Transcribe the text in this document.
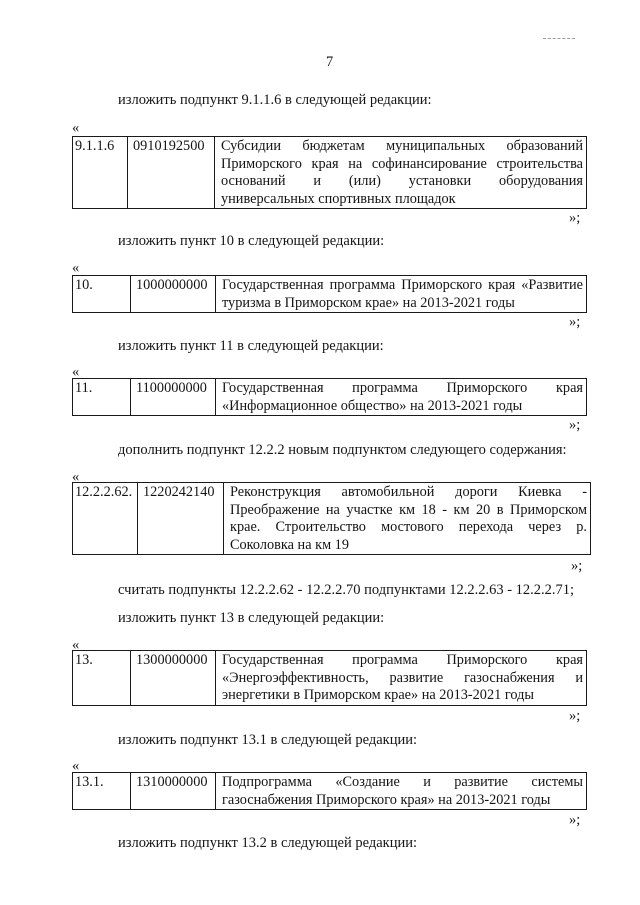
7
изложить подпункт 9.1.1.6 в следующей редакции:
«
9.1.1.6	0910192500	Субсидии бюджетам муниципальных образований
Приморского края на софинансирование строительства
оснований и (или) установки оборудования
универсальных спортивных площадок
»;
изложить пункт 10 в следующей редакции:
«
10.	1000000000	Государственная программа Приморского края «Развитие
туризма в Приморском крае» на 2013-2021 годы
»;
изложить пункт 11 в следующей редакции:
«
11.	1100000000	Государственная программа Приморского края
«Информационное общество» на 2013-2021 годы
»;
дополнить подпункт 12.2.2 новым подпунктом следующего содержания:
«
12.2.2.62.	1220242140	Реконструкция автомобильной дороги Киевка -
Преображение на участке км 18 - км 20 в Приморском
крае. Строительство мостового перехода через р.
Соколовка на км 19
»;
считать подпункты 12.2.2.62 - 12.2.2.70 подпунктами 12.2.2.63 - 12.2.2.71;
изложить пункт 13 в следующей редакции:
«
13.	1300000000	Государственная программа Приморского края
«Энергоэффективность, развитие газоснабжения и
энергетики в Приморском крае» на 2013-2021 годы
»;
изложить подпункт 13.1 в следующей редакции:
«
13.1.	1310000000	Подпрограмма «Создание и развитие системы
газоснабжения Приморского края» на 2013-2021 годы
»;
изложить подпункт 13.2 в следующей редакции:
